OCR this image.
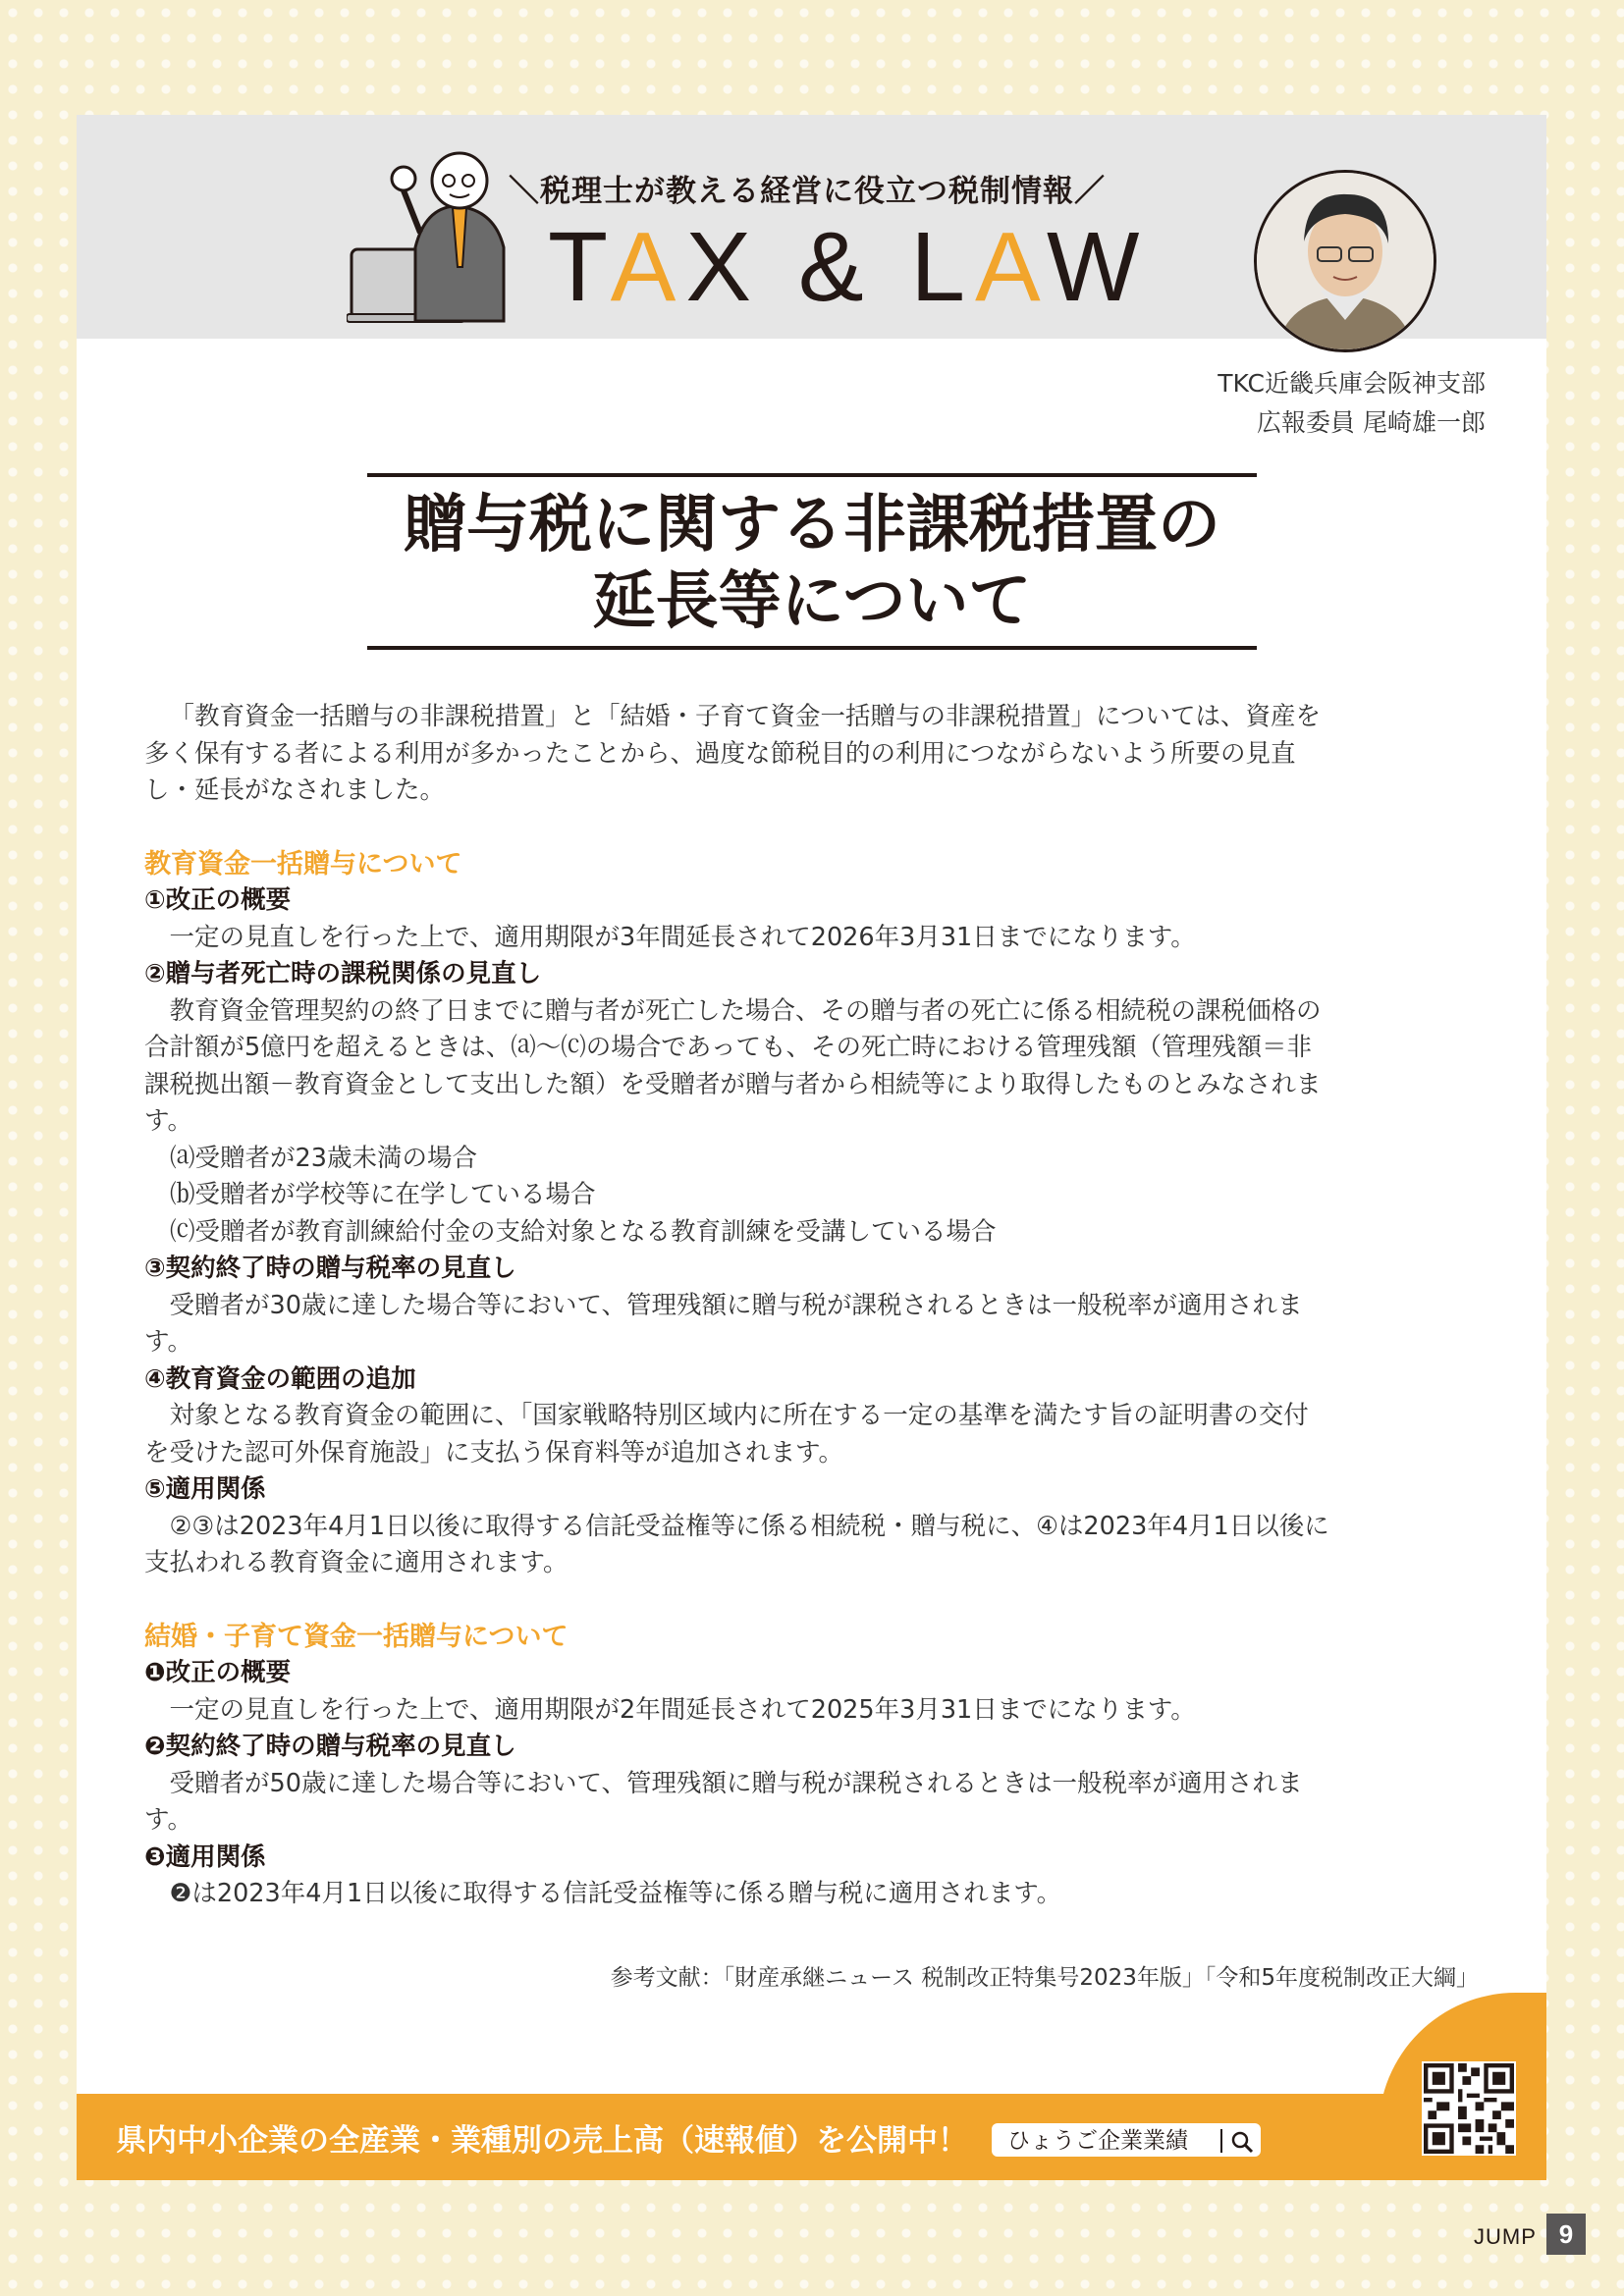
＼税理士が教える経営に役立つ税制情報／
TAX & LAW
TKC近畿兵庫会阪神支部
広報委員 尾崎雄一郎
贈与税に関する非課税措置の
延長等について

「教育資金一括贈与の非課税措置」と「結婚・子育て資金一括贈与の非課税措置」については、資産を多く保有する者による利用が多かったことから、過度な節税目的の利用につながらないよう所要の見直し・延長がなされました。

教育資金一括贈与について
①改正の概要

一定の見直しを行った上で、適用期限が3年間延長されて2026年3月31日までになります。

②贈与者死亡時の課税関係の見直し

教育資金管理契約の終了日までに贈与者が死亡した場合、その贈与者の死亡に係る相続税の課税価格の合計額が5億円を超えるときは、⒜〜⒞の場合であっても、その死亡時における管理残額（管理残額＝非課税拠出額－教育資金として支出した額）を受贈者が贈与者から相続等により取得したものとみなされます。

⒜受贈者が23歳未満の場合
⒝受贈者が学校等に在学している場合
⒞受贈者が教育訓練給付金の支給対象となる教育訓練を受講している場合
③契約終了時の贈与税率の見直し

受贈者が30歳に達した場合等において、管理残額に贈与税が課税されるときは一般税率が適用されます。

④教育資金の範囲の追加

対象となる教育資金の範囲に、「国家戦略特別区域内に所在する一定の基準を満たす旨の証明書の交付を受けた認可外保育施設」に支払う保育料等が追加されます。

⑤適用関係

②③は2023年4月1日以後に取得する信託受益権等に係る相続税・贈与税に、④は2023年4月1日以後に支払われる教育資金に適用されます。

結婚・子育て資金一括贈与について
❶改正の概要

一定の見直しを行った上で、適用期限が2年間延長されて2025年3月31日までになります。

❷契約終了時の贈与税率の見直し

受贈者が50歳に達した場合等において、管理残額に贈与税が課税されるときは一般税率が適用されます。

❸適用関係

❷は2023年4月1日以後に取得する信託受益権等に係る贈与税に適用されます。

参考文献：「財産承継ニュース 税制改正特集号2023年版」「令和5年度税制改正大綱」
県内中小企業の全産業・業種別の売上高（速報値）を公開中！ ひょうご企業業績
JUMP 9
